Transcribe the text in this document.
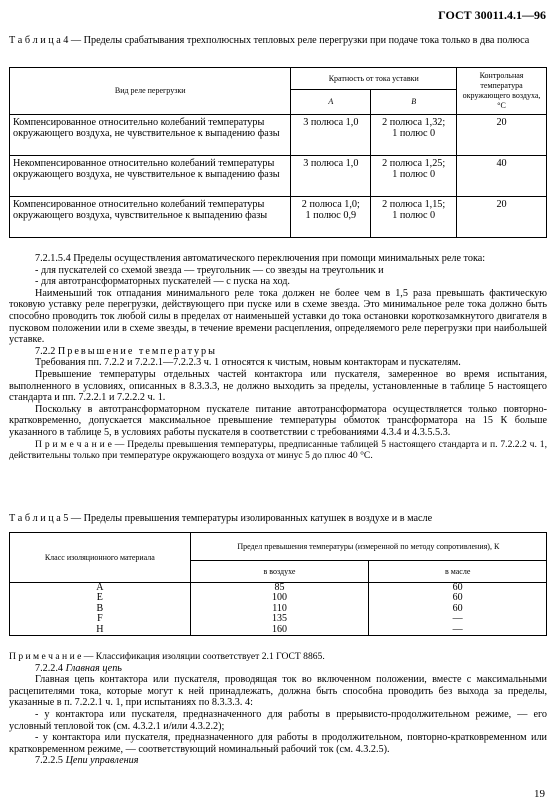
ГОСТ 30011.4.1—96
Т а б л и ц а 4 — Пределы срабатывания трехполюсных тепловых реле перегрузки при подаче тока только в два полюса
Вид реле перегрузки	Кратность от тока уставки		Контрольная температура окружающего воздуха, °С
	А	В	
Компенсированное относительно колебаний температуры окружающего воздуха, не чувствительное к выпадению фазы	3 полюса 1,0	2 полюса 1,32;
1 полюс 0	20
Некомпенсированное относительно колебаний температуры окружающего воздуха, не чувствительное к выпадению фазы	3 полюса 1,0	2 полюса 1,25;
1 полюс 0	40
Компенсированное относительно колебаний температуры окружающего воздуха, чувствительное к выпадению фазы	2 полюса 1,0;
1 полюс 0,9	2 полюса 1,15;
1 полюс 0	20

7.2.1.5.4 Пределы осуществления автоматического переключения при помощи минимальных реле тока:

- для пускателей со схемой звезда — треугольник — со звезды на треугольник и

- для автотрансформаторных пускателей — с пуска на ход.

Наименьший ток отпадания минимального реле тока должен не более чем в 1,5 раза превышать фактическую токовую уставку реле перегрузки, действующего при пуске или в схеме звезда. Это минимальное реле тока должно быть способно проводить ток любой силы в пределах от наименьшей уставки до тока остановки короткозамкнутого двигателя в пусковом положении или в схеме звезды, в течение времени расцепления, определяемого реле перегрузки при наибольшей уставке.

7.2.2 Превышение температуры

Требования пп. 7.2.2 и 7.2.2.1—7.2.2.3 ч. 1 относятся к чистым, новым контакторам и пускателям.

Превышение температуры отдельных частей контактора или пускателя, замеренное во время испытания, выполненного в условиях, описанных в 8.3.3.3, не должно выходить за пределы, установленные в таблице 5 настоящего стандарта и пп. 7.2.2.1 и 7.2.2.2 ч. 1.

Поскольку в автотрансформаторном пускателе питание автотрансформатора осуществляется только повторно-кратковременно, допускается максимальное превышение температуры обмоток трансформатора на 15 К больше указанного в таблице 5, в условиях работы пускателя в соответствии с требованиями 4.3.4 и 4.3.5.5.3.

П р и м е ч а н и е — Пределы превышения температуры, предписанные таблицей 5 настоящего стандарта и п. 7.2.2.2 ч. 1, действительны только при температуре окружающего воздуха от минус 5 до плюс 40 °С.

Т а б л и ц а 5 — Пределы превышения температуры изолированных катушек в воздухе и в масле
Класс изоляционного материала	Предел превышения температуры (измеренной по методу сопротивления), К	
	в воздухе	в масле
А	85	60
Е	100	60
В	110	60
F	135	—
Н	160	—

П р и м е ч а н и е — Классификация изоляции соответствует 2.1 ГОСТ 8865.

7.2.2.4 Главная цепь

Главная цепь контактора или пускателя, проводящая ток во включенном положении, вместе с максимальными расцепителями тока, которые могут к ней принадлежать, должна быть способна проводить без выхода за пределы, указанные в п. 7.2.2.1 ч. 1, при испытаниях по 8.3.3.3. 4:

- у контактора или пускателя, предназначенного для работы в прерывисто-продолжительном режиме, — его условный тепловой ток (см. 4.3.2.1 и/или 4.3.2.2);

- у контактора или пускателя, предназначенного для работы в продолжительном, повторно-кратковременном или кратковременном режиме, — соответствующий номинальный рабочий ток (см. 4.3.2.5).

7.2.2.5 Цепи управления

19
